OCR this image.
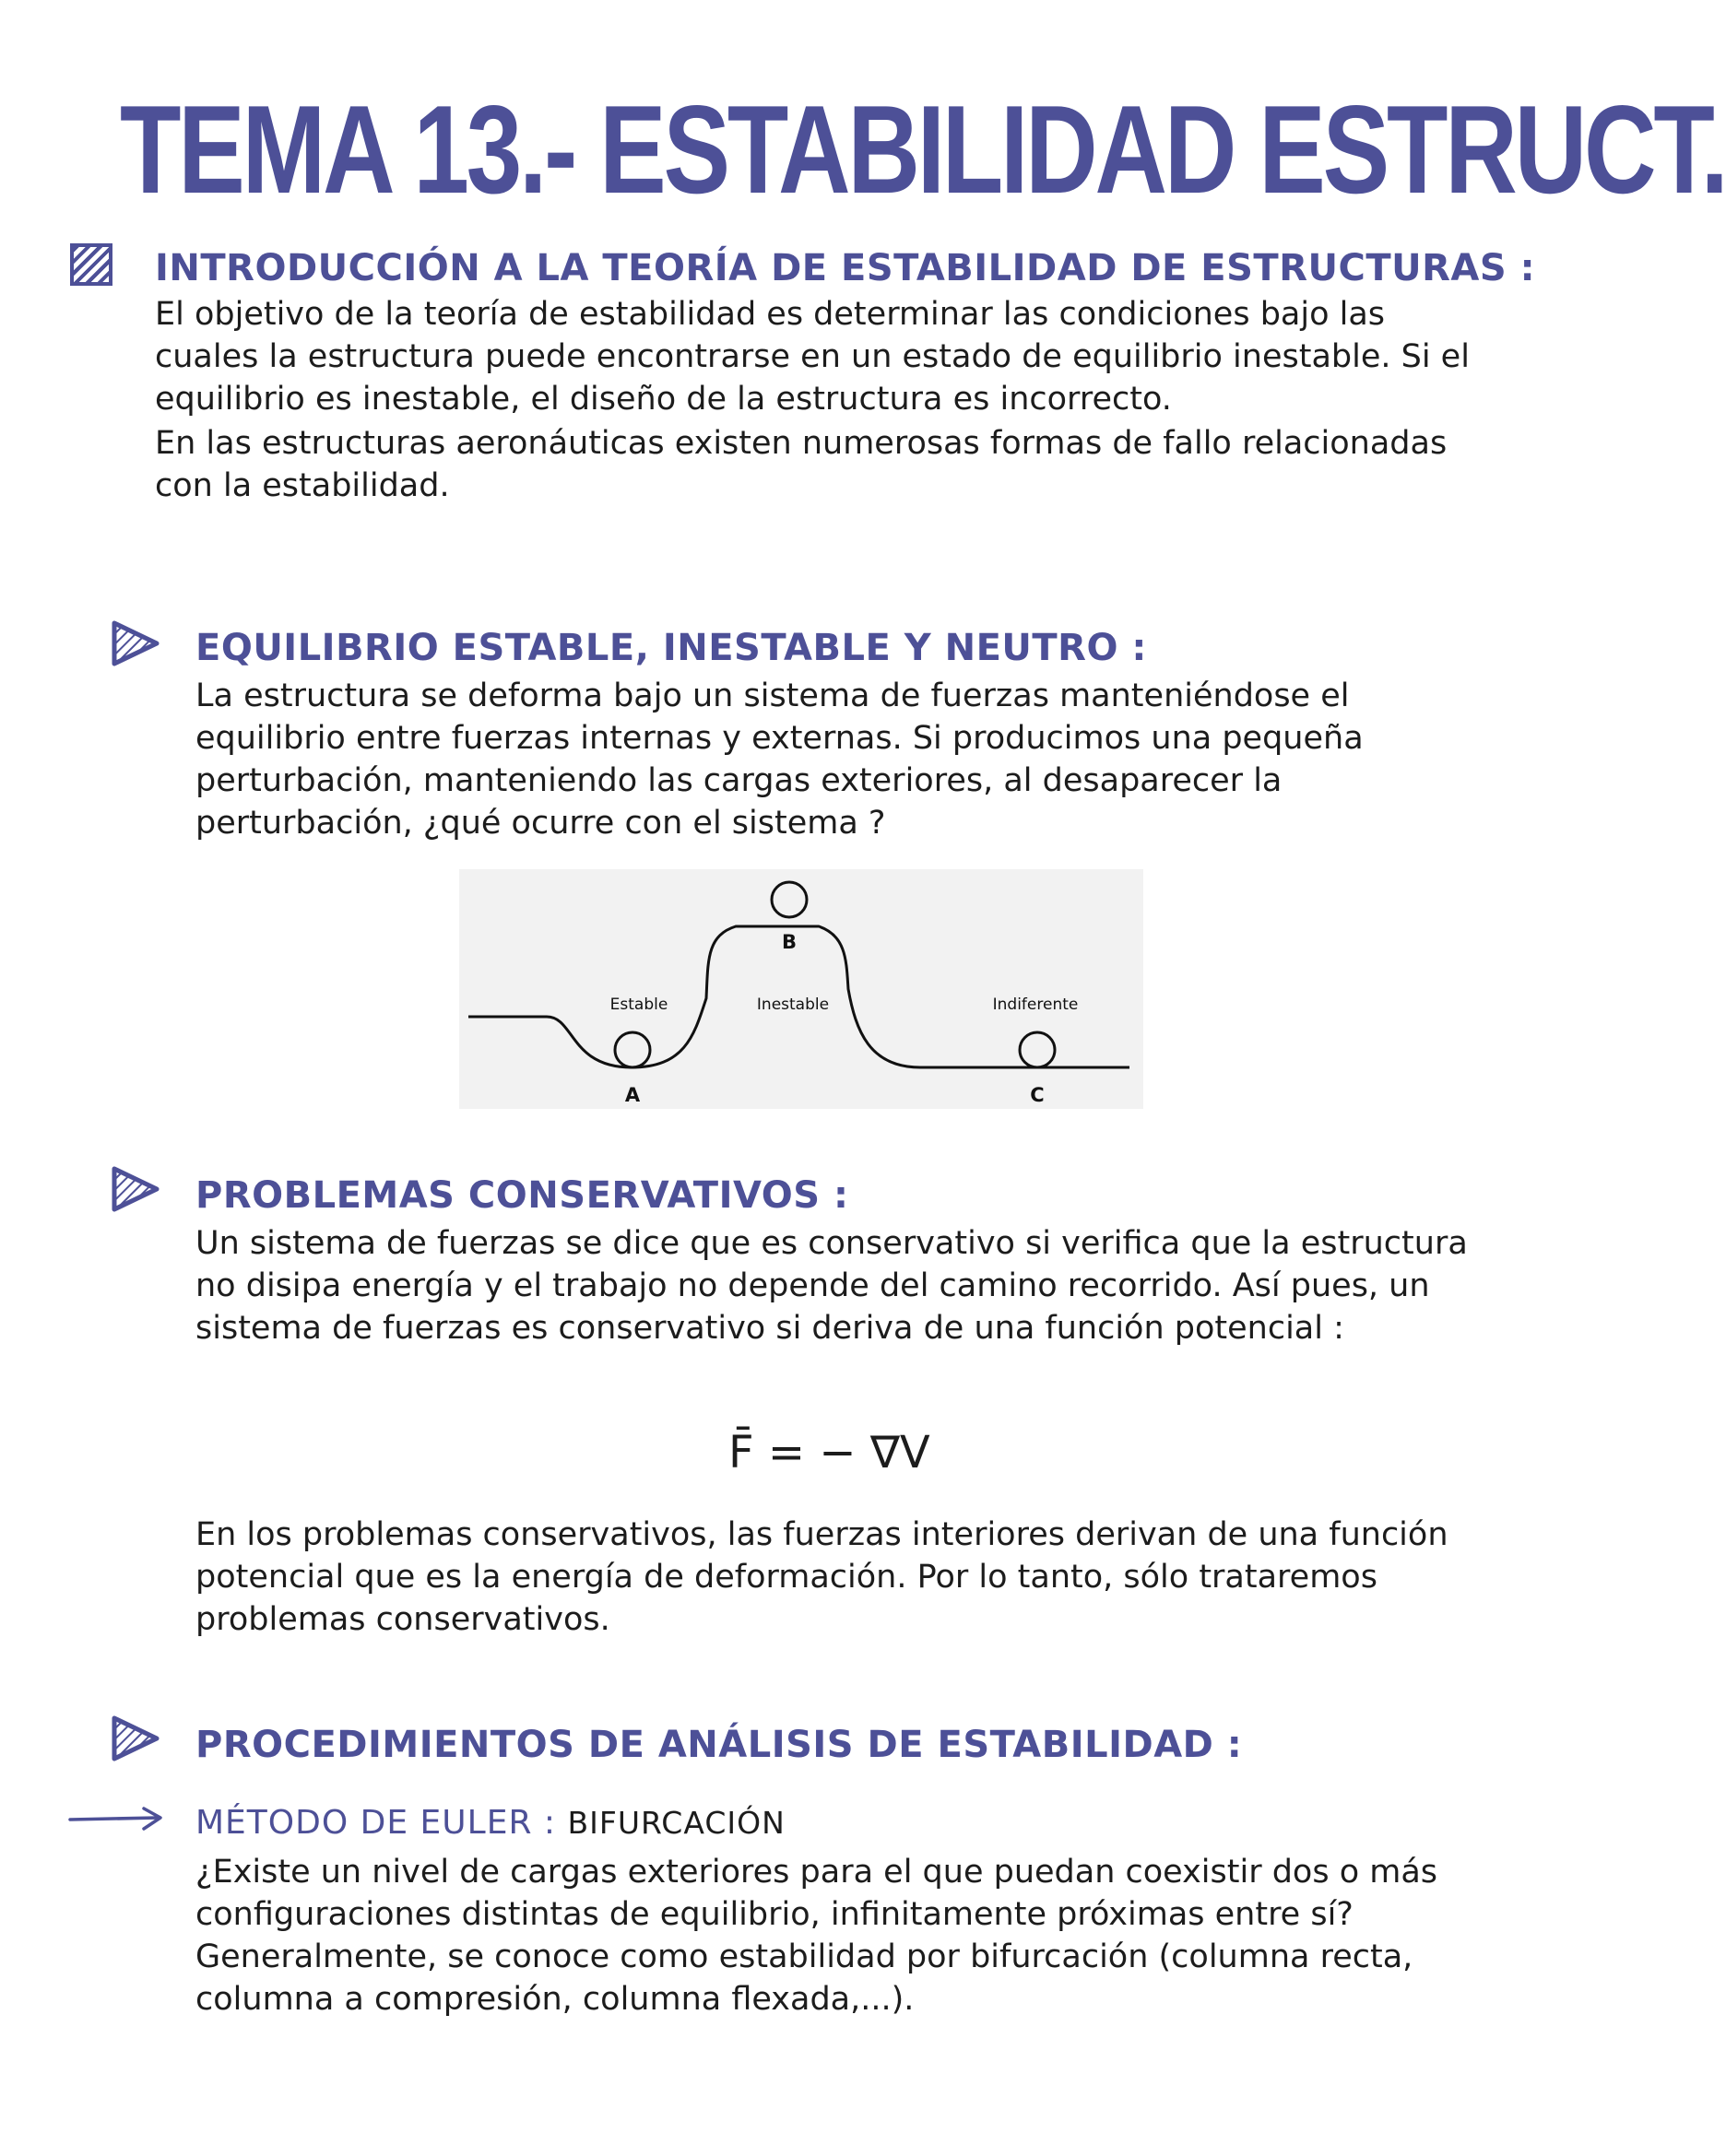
TEMA 13.- ESTABILIDAD ESTRUCT.
INTRODUCCIÓN A LA TEORÍA DE ESTABILIDAD DE ESTRUCTURAS :

El objetivo de la teoría de estabilidad es determinar las condiciones bajo las cuales la estructura puede encontrarse en un estado de equilibrio inestable. Si el equilibrio es inestable, el diseño de la estructura es incorrecto.

En las estructuras aeronáuticas existen numerosas formas de fallo relacionadas con la estabilidad.

EQUILIBRIO ESTABLE, INESTABLE Y NEUTRO :

La estructura se deforma bajo un sistema de fuerzas manteniéndose el equilibrio entre fuerzas internas y externas. Si producimos una pequeña perturbación, manteniendo las cargas exteriores, al desaparecer la perturbación, ¿qué ocurre con el sistema ?

Estable	Inestable	Indiferente
A
B
C
PROBLEMAS CONSERVATIVOS :

Un sistema de fuerzas se dice que es conservativo si verifica que la estructura no disipa energía y el trabajo no depende del camino recorrido. Así pues, un sistema de fuerzas es conservativo si deriva de una función potencial :

F̄ = − ∇V

En los problemas conservativos, las fuerzas interiores derivan de una función potencial que es la energía de deformación. Por lo tanto, sólo trataremos problemas conservativos.

PROCEDIMIENTOS DE ANÁLISIS DE ESTABILIDAD :
MÉTODO DE EULER : BIFURCACIÓN

¿Existe un nivel de cargas exteriores para el que puedan coexistir dos o más configuraciones distintas de equilibrio, infinitamente próximas entre sí? Generalmente, se conoce como estabilidad por bifurcación (columna recta, columna a compresión, columna flexada,...).
